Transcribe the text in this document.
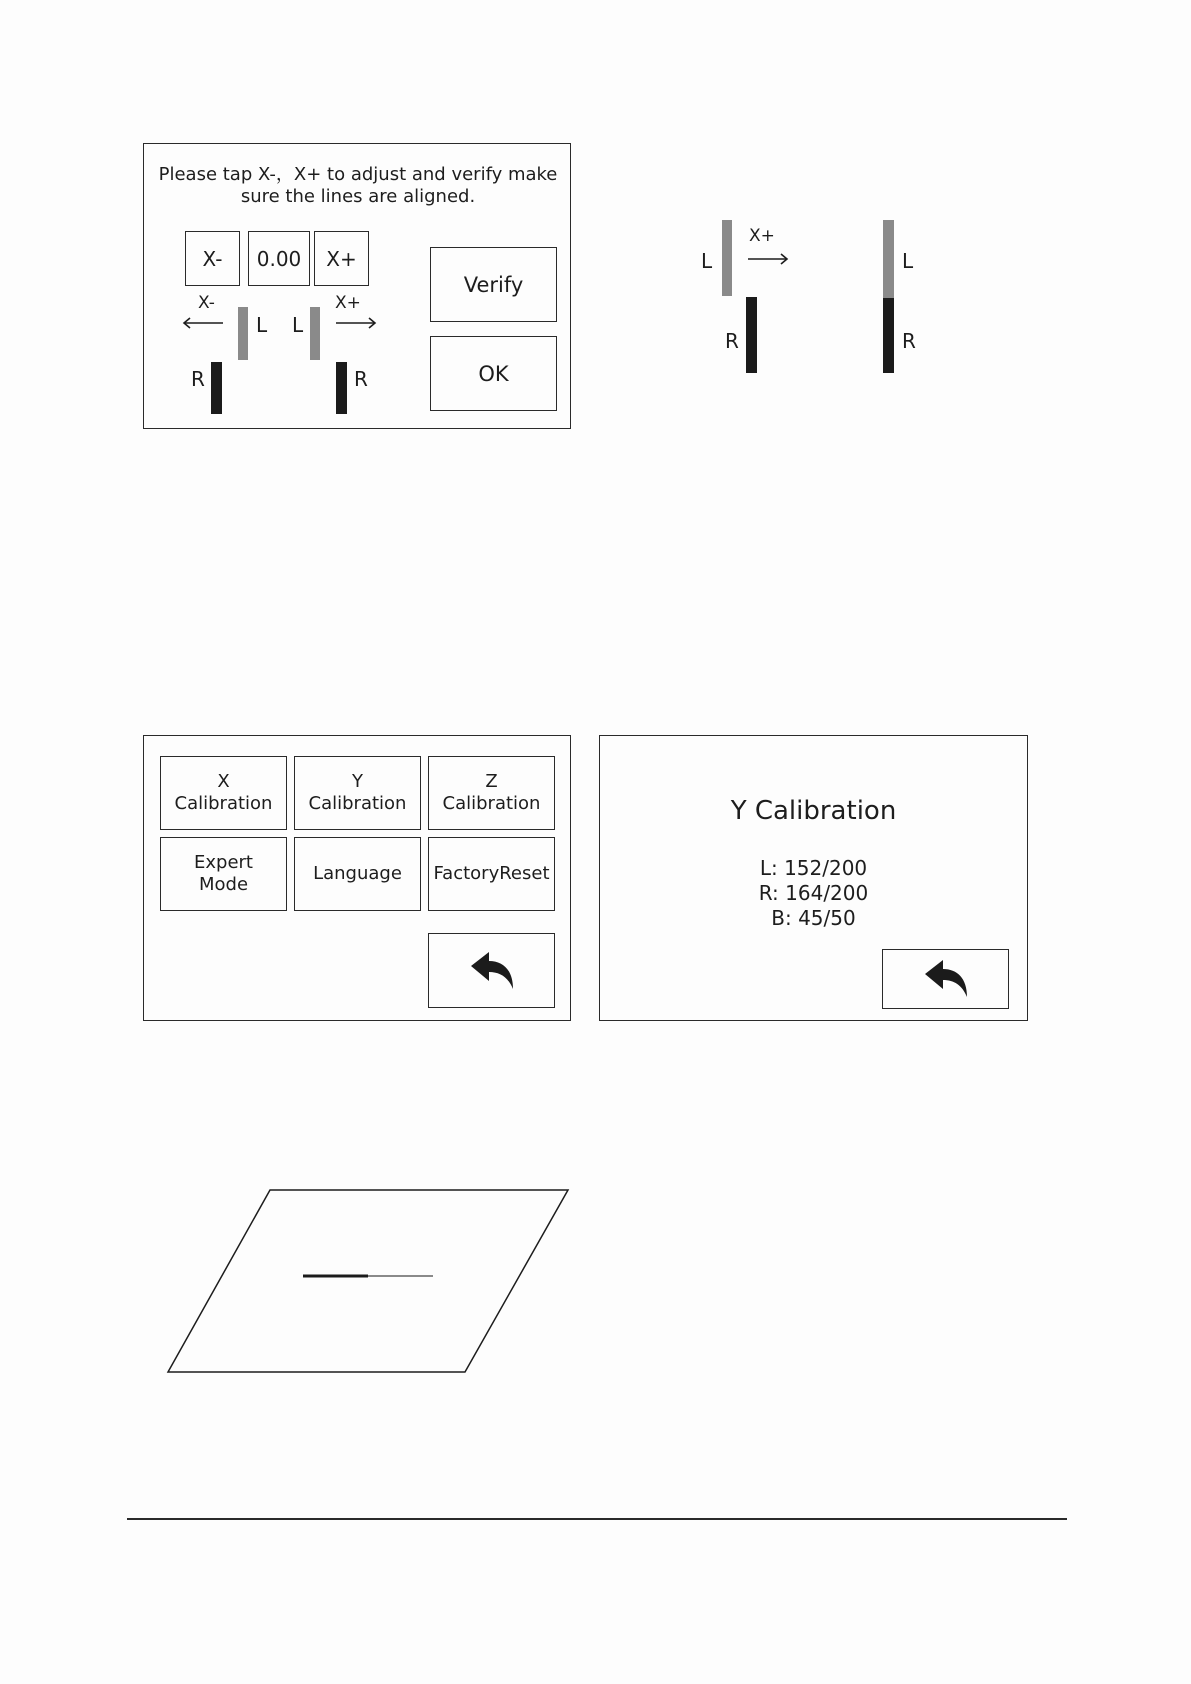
Please tap X-，X+ to adjust and verify make sure the lines are aligned.
X-	0.00	X+
Verify
OK
X-
L
R
L
X+
R
L
X+
R
L
R
X
Calibration
Y
Calibration
Z
Calibration
Expert
Mode
Language	FactoryReset
Y Calibration
L: 152/200
R: 164/200
B: 45/50
